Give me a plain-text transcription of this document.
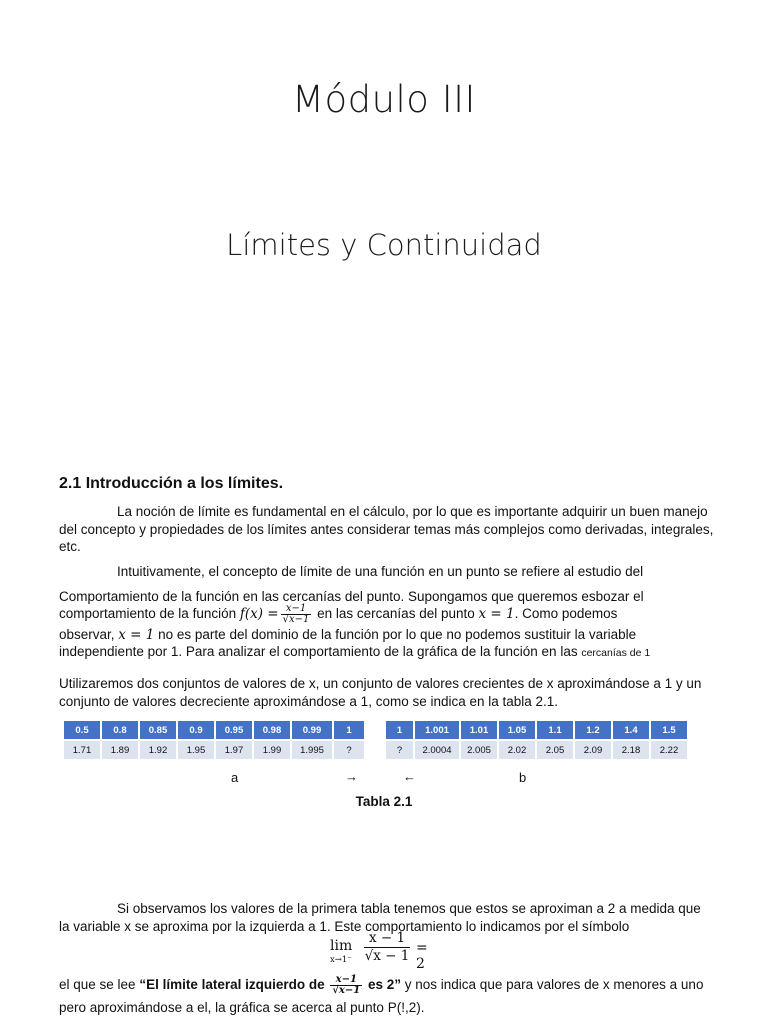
Módulo III
Límites y Continuidad
2.1 Introducción a los límites.
La noción de límite es fundamental en el cálculo, por lo que es importante adquirir un buen manejo del concepto y propiedades de los límites antes considerar temas más complejos como derivadas, integrales, etc.
Intuitivamente, el concepto de límite de una función en un punto se refiere al estudio del
Comportamiento de la función en las cercanías del punto. Supongamos que queremos esbozar el
comportamiento de la función $f(x) = \frac{x-1}{√x-1}$ en las cercanías del punto x = 1. Como podemos
observar, x = 1 no es parte del dominio de la función por lo que no podemos sustituir la variable
independiente por 1. Para analizar el comportamiento de la gráfica de la función en las cercanías de 1
Utilizaremos dos conjuntos de valores de x, un conjunto de valores crecientes de x aproximándose a 1 y un conjunto de valores decreciente aproximándose a 1, como se indica en la tabla 2.1.
0.5	0.8	0.85	0.9	0.95	0.98	0.99	1
1.71	1.89	1.92	1.95	1.97	1.99	1.995	?
1	1.001	1.01	1.05	1.1	1.2	1.4	1.5
?	2.0004	2.005	2.02	2.05	2.09	2.18	2.22
a	→	←	b
Tabla 2.1
Si observamos los valores de la primera tabla tenemos que estos se aproximan a 2 a medida que la variable x se aproxima por la izquierda a 1. Este comportamiento lo indicamos por el símbolo
lim
$x\to 1^- \frac{x - 1}{√x - 1} = 2$
el que se lee “El límite lateral izquierdo de $\frac{x-1}{√x-1}$ es 2” y nos indica que para valores de x menores a uno
pero aproximándose a el, la gráfica se acerca al punto P(!,2).
